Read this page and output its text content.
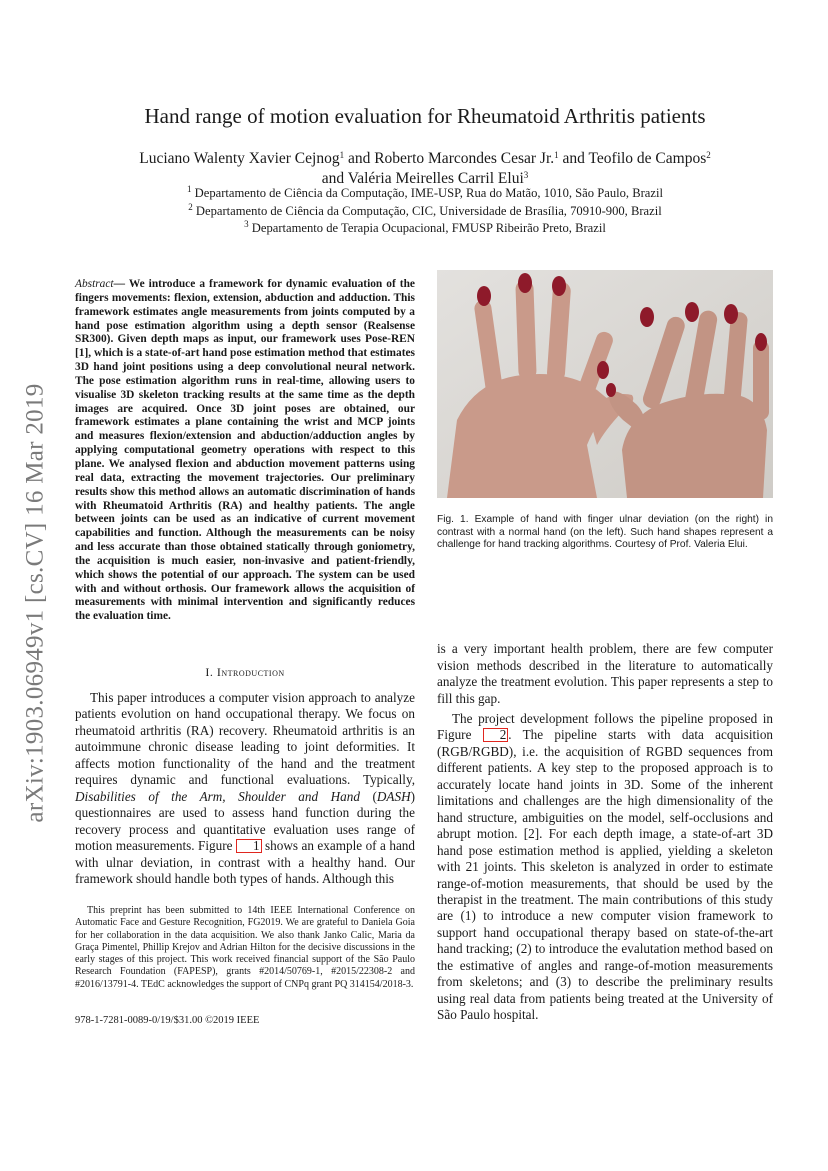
arXiv:1903.06949v1 [cs.CV] 16 Mar 2019
Hand range of motion evaluation for Rheumatoid Arthritis patients
Luciano Walenty Xavier Cejnog$^1$ and Roberto Marcondes Cesar Jr.$^1$ and Teofilo de Campos$^2$ and Valéria Meirelles Carril Elui$^3$
$^1$ Departamento de Ciência da Computação, IME-USP, Rua do Matão, 1010, São Paulo, Brazil
$^2$ Departamento de Ciência da Computação, CIC, Universidade de Brasília, 70910-900, Brazil
$^3$ Departamento de Terapia Ocupacional, FMUSP Ribeirão Preto, Brazil
Abstract— We introduce a framework for dynamic evaluation of the fingers movements: flexion, extension, abduction and adduction. This framework estimates angle measurements from joints computed by a hand pose estimation algorithm using a depth sensor (Realsense SR300). Given depth maps as input, our framework uses Pose-REN [1], which is a state-of-art hand pose estimation method that estimates 3D hand joint positions using a deep convolutional neural network. The pose estimation algorithm runs in real-time, allowing users to visualise 3D skeleton tracking results at the same time as the depth images are acquired. Once 3D joint poses are obtained, our framework estimates a plane containing the wrist and MCP joints and measures flexion/extension and abduction/adduction angles by applying computational geometry operations with respect to this plane. We analysed flexion and abduction movement patterns using real data, extracting the movement trajectories. Our preliminary results show this method allows an automatic discrimination of hands with Rheumatoid Arthritis (RA) and healthy patients. The angle between joints can be used as an indicative of current movement capabilities and function. Although the measurements can be noisy and less accurate than those obtained statically through goniometry, the acquisition is much easier, non-invasive and patient-friendly, which shows the potential of our approach. The system can be used with and without orthosis. Our framework allows the acquisition of measurements with minimal intervention and significantly reduces the evaluation time.
I. Introduction

This paper introduces a computer vision approach to analyze patients evolution on hand occupational therapy. We focus on rheumatoid arthritis (RA) recovery. Rheumatoid arthritis is an autoimmune chronic disease leading to joint deformities. It affects motion functionality of the hand and the treatment requires dynamic and functional evaluations. Typically, Disabilities of the Arm, Shoulder and Hand (DASH) questionnaires are used to assess hand function during the recovery process and quantitative evaluation uses range of motion measurements. Figure 1 shows an example of a hand with ulnar deviation, in contrast with a healthy hand. Our framework should handle both types of hands. Although this

This preprint has been submitted to 14th IEEE International Conference on Automatic Face and Gesture Recognition, FG2019. We are grateful to Daniela Goia for her collaboration in the data acquisition. We also thank Janko Calic, Maria da Graça Pimentel, Phillip Krejov and Adrian Hilton for the decisive discussions in the early stages of this project. This work received financial support of the São Paulo Research Foundation (FAPESP), grants #2014/50769-1, #2015/22308-2 and #2016/13791-4. TEdC acknowledges the support of CNPq grant PQ 314154/2018-3.
978-1-7281-0089-0/19/$31.00 ©2019 IEEE
Fig. 1. Example of hand with finger ulnar deviation (on the right) in contrast with a normal hand (on the left). Such hand shapes represent a challenge for hand tracking algorithms. Courtesy of Prof. Valeria Elui.

is a very important health problem, there are few computer vision methods described in the literature to automatically analyze the treatment evolution. This paper represents a step to fill this gap.

The project development follows the pipeline proposed in Figure 2 . The pipeline starts with data acquisition (RGB/RGBD), i.e. the acquisition of RGBD sequences from different patients. A key step to the proposed approach is to accurately locate hand joints in 3D. Some of the inherent limitations and challenges are the high dimensionality of the hand structure, ambiguities on the model, self-occlusions and abrupt motion. [2]. For each depth image, a state-of-art 3D hand pose estimation method is applied, yielding a skeleton with 21 joints. This skeleton is analyzed in order to estimate range-of-motion measurements, that should be used by the therapist in the treatment. The main contributions of this study are (1) to introduce a new computer vision framework to support hand occupational therapy based on state-of-the-art hand tracking; (2) to introduce the evalutation method based on the estimative of angles and range-of-motion measurements from skeletons; and (3) to describe the preliminary results using real data from patients being treated at the University of São Paulo hospital.
